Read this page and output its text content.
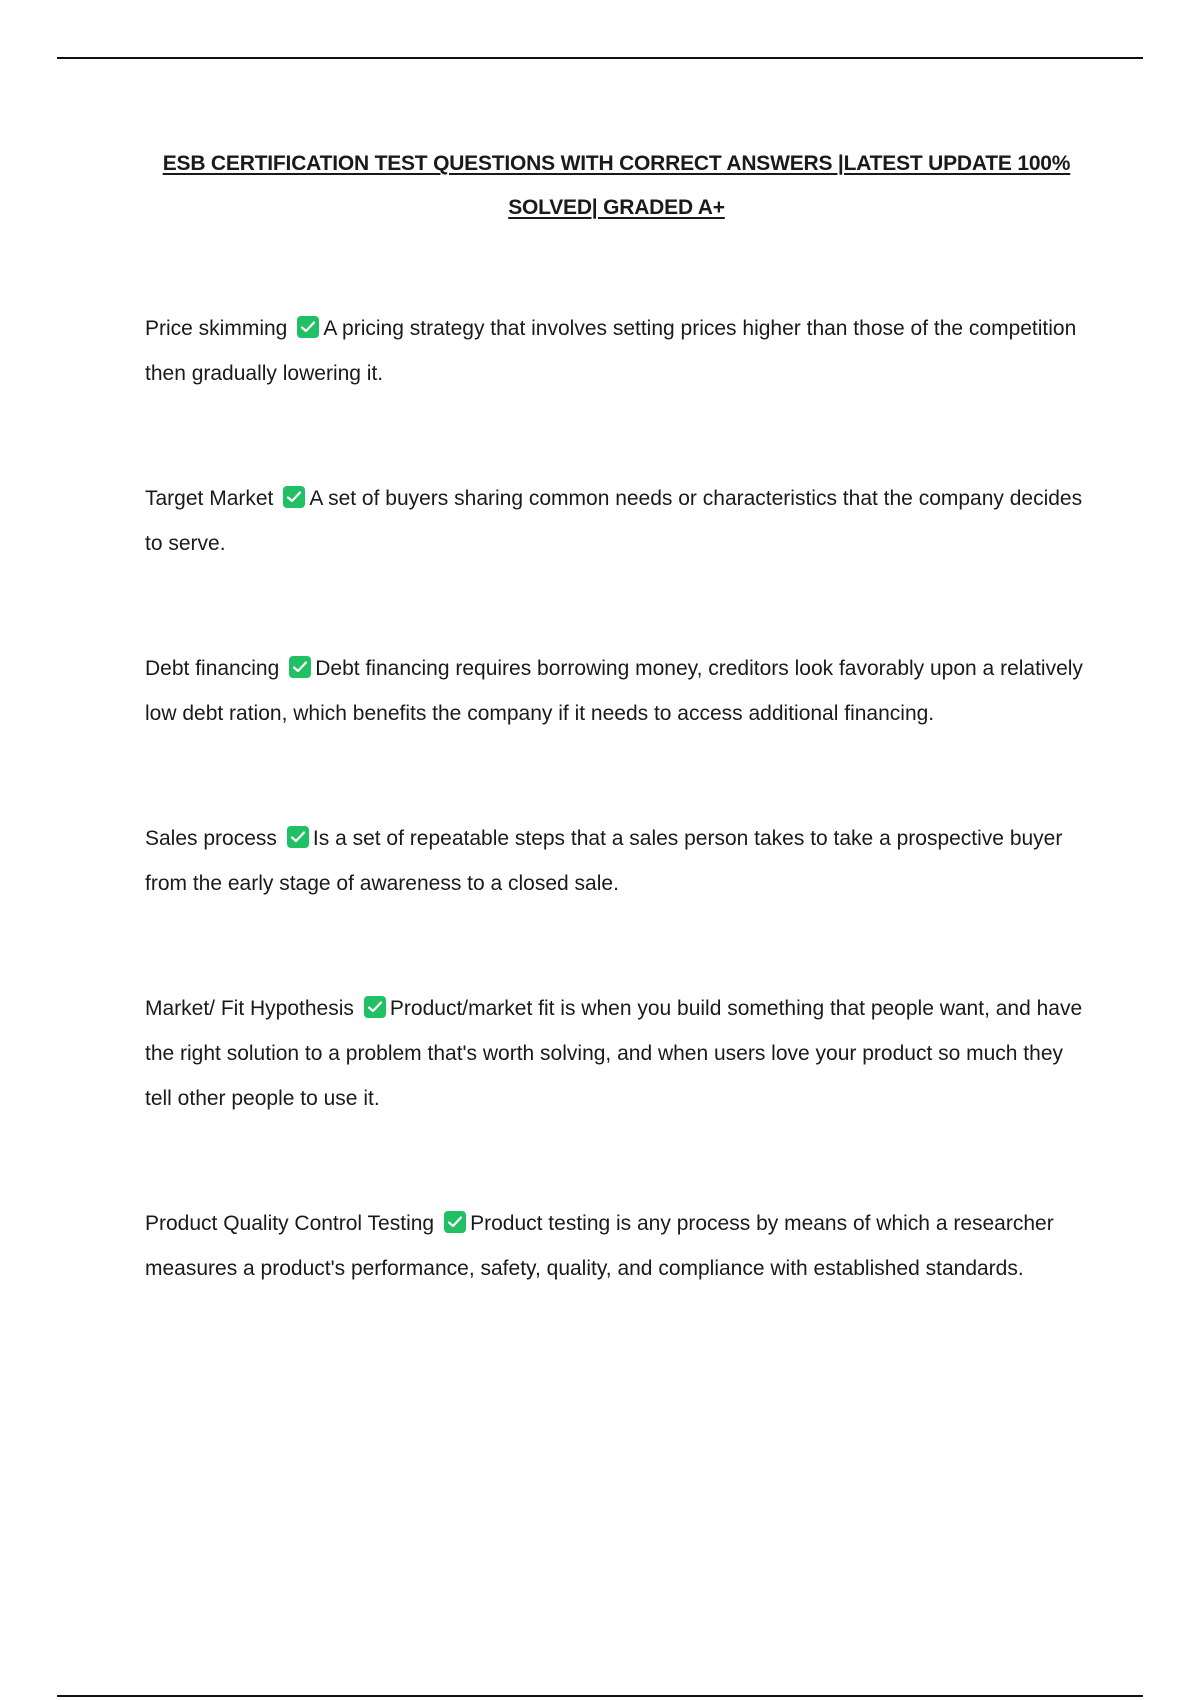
ESB CERTIFICATION TEST QUESTIONS WITH CORRECT ANSWERS |LATEST UPDATE 100% SOLVED| GRADED A+

Price skimming A pricing strategy that involves setting prices higher than those of the competition then gradually lowering it.

Target Market A set of buyers sharing common needs or characteristics that the company decides to serve.

Debt financing Debt financing requires borrowing money, creditors look favorably upon a relatively low debt ration, which benefits the company if it needs to access additional financing.

Sales process Is a set of repeatable steps that a sales person takes to take a prospective buyer from the early stage of awareness to a closed sale.

Market/ Fit Hypothesis Product/market fit is when you build something that people want, and have the right solution to a problem that's worth solving, and when users love your product so much they tell other people to use it.

Product Quality Control Testing Product testing is any process by means of which a researcher measures a product's performance, safety, quality, and compliance with established standards.
